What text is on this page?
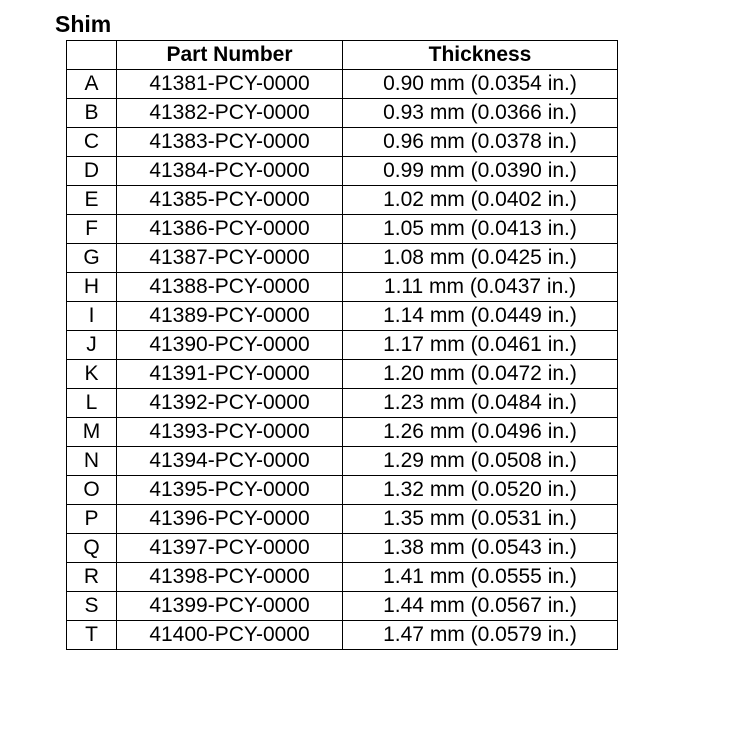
Shim
	Part Number	Thickness
A	41381-PCY-0000	0.90 mm (0.0354 in.)
B	41382-PCY-0000	0.93 mm (0.0366 in.)
C	41383-PCY-0000	0.96 mm (0.0378 in.)
D	41384-PCY-0000	0.99 mm (0.0390 in.)
E	41385-PCY-0000	1.02 mm (0.0402 in.)
F	41386-PCY-0000	1.05 mm (0.0413 in.)
G	41387-PCY-0000	1.08 mm (0.0425 in.)
H	41388-PCY-0000	1.11 mm (0.0437 in.)
I	41389-PCY-0000	1.14 mm (0.0449 in.)
J	41390-PCY-0000	1.17 mm (0.0461 in.)
K	41391-PCY-0000	1.20 mm (0.0472 in.)
L	41392-PCY-0000	1.23 mm (0.0484 in.)
M	41393-PCY-0000	1.26 mm (0.0496 in.)
N	41394-PCY-0000	1.29 mm (0.0508 in.)
O	41395-PCY-0000	1.32 mm (0.0520 in.)
P	41396-PCY-0000	1.35 mm (0.0531 in.)
Q	41397-PCY-0000	1.38 mm (0.0543 in.)
R	41398-PCY-0000	1.41 mm (0.0555 in.)
S	41399-PCY-0000	1.44 mm (0.0567 in.)
T	41400-PCY-0000	1.47 mm (0.0579 in.)
